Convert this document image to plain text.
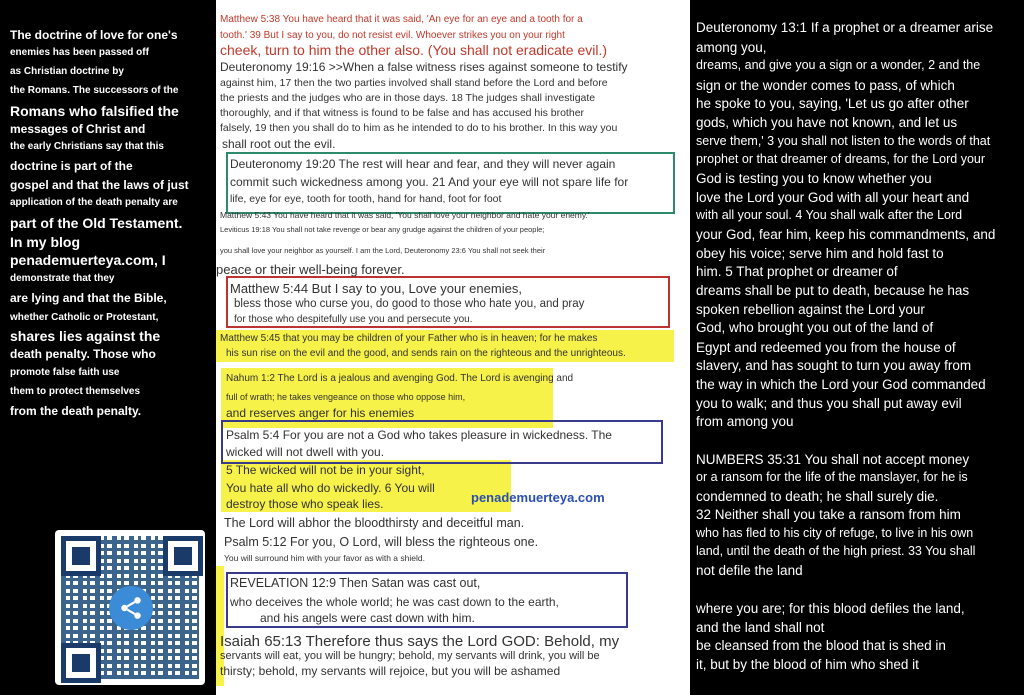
The doctrine of love for one's
enemies has been passed off
as Christian doctrine by
the Romans. The successors of the
Romans who falsified the
messages of Christ and
the early Christians say that this
doctrine is part of the
gospel and that the laws of just
application of the death penalty are
part of the Old Testament.
In my blog
penademuerteya.com, I
demonstrate that they
are lying and that the Bible,
whether Catholic or Protestant,
shares lies against the
death penalty. Those who
promote false faith use
them to protect themselves
from the death penalty.
penademuerteya.com
Matthew 5:38 You have heard that it was said, 'An eye for an eye and a tooth for a
tooth.' 39 But I say to you, do not resist evil. Whoever strikes you on your right
cheek, turn to him the other also. (You shall not eradicate evil.)
Deuteronomy 19:16 >>When a false witness rises against someone to testify
against him, 17 then the two parties involved shall stand before the Lord and before
the priests and the judges who are in those days. 18 The judges shall investigate
thoroughly, and if that witness is found to be false and has accused his brother
falsely, 19 then you shall do to him as he intended to do to his brother. In this way you
shall root out the evil.
Deuteronomy 19:20 The rest will hear and fear, and they will never again
commit such wickedness among you. 21 And your eye will not spare life for
life, eye for eye, tooth for tooth, hand for hand, foot for foot
Matthew 5:43 You have heard that it was said, 'You shall love your neighbor and hate your enemy.'
Leviticus 19:18 You shall not take revenge or bear any grudge against the children of your people;
you shall love your neighbor as yourself. I am the Lord, Deuteronomy 23:6 You shall not seek their
peace or their well-being forever.
Matthew 5:44 But I say to you, Love your enemies,
bless those who curse you, do good to those who hate you, and pray
for those who despitefully use you and persecute you.
Matthew 5:45 that you may be children of your Father who is in heaven; for he makes
his sun rise on the evil and the good, and sends rain on the righteous and the unrighteous.
Nahum 1:2 The Lord is a jealous and avenging God. The Lord is avenging and
full of wrath; he takes vengeance on those who oppose him,
and reserves anger for his enemies
Psalm 5:4 For you are not a God who takes pleasure in wickedness. The
wicked will not dwell with you.
5 The wicked will not be in your sight,
You hate all who do wickedly. 6 You will
destroy those who speak lies.
The Lord will abhor the bloodthirsty and deceitful man.
Psalm 5:12 For you, O Lord, will bless the righteous one.
You will surround him with your favor as with a shield.
REVELATION 12:9 Then Satan was cast out,
who deceives the whole world; he was cast down to the earth,
and his angels were cast down with him.
Isaiah 65:13 Therefore thus says the Lord GOD: Behold, my
servants will eat, you will be hungry; behold, my servants will drink, you will be
thirsty; behold, my servants will rejoice, but you will be ashamed
Deuteronomy 13:1 If a prophet or a dreamer arise
among you,
dreams, and give you a sign or a wonder, 2 and the
sign or the wonder comes to pass, of which
he spoke to you, saying, 'Let us go after other
gods, which you have not known, and let us
serve them,' 3 you shall not listen to the words of that
prophet or that dreamer of dreams, for the Lord your
God is testing you to know whether you
love the Lord your God with all your heart and
with all your soul. 4 You shall walk after the Lord
your God, fear him, keep his commandments, and
obey his voice; serve him and hold fast to
him. 5 That prophet or dreamer of
dreams shall be put to death, because he has
spoken rebellion against the Lord your
God, who brought you out of the land of
Egypt and redeemed you from the house of
slavery, and has sought to turn you away from
the way in which the Lord your God commanded
you to walk; and thus you shall put away evil
from among you
NUMBERS 35:31 You shall not accept money
or a ransom for the life of the manslayer, for he is
condemned to death; he shall surely die.
32 Neither shall you take a ransom from him
who has fled to his city of refuge, to live in his own
land, until the death of the high priest. 33 You shall
not defile the land
where you are; for this blood defiles the land,
and the land shall not
be cleansed from the blood that is shed in
it, but by the blood of him who shed it
